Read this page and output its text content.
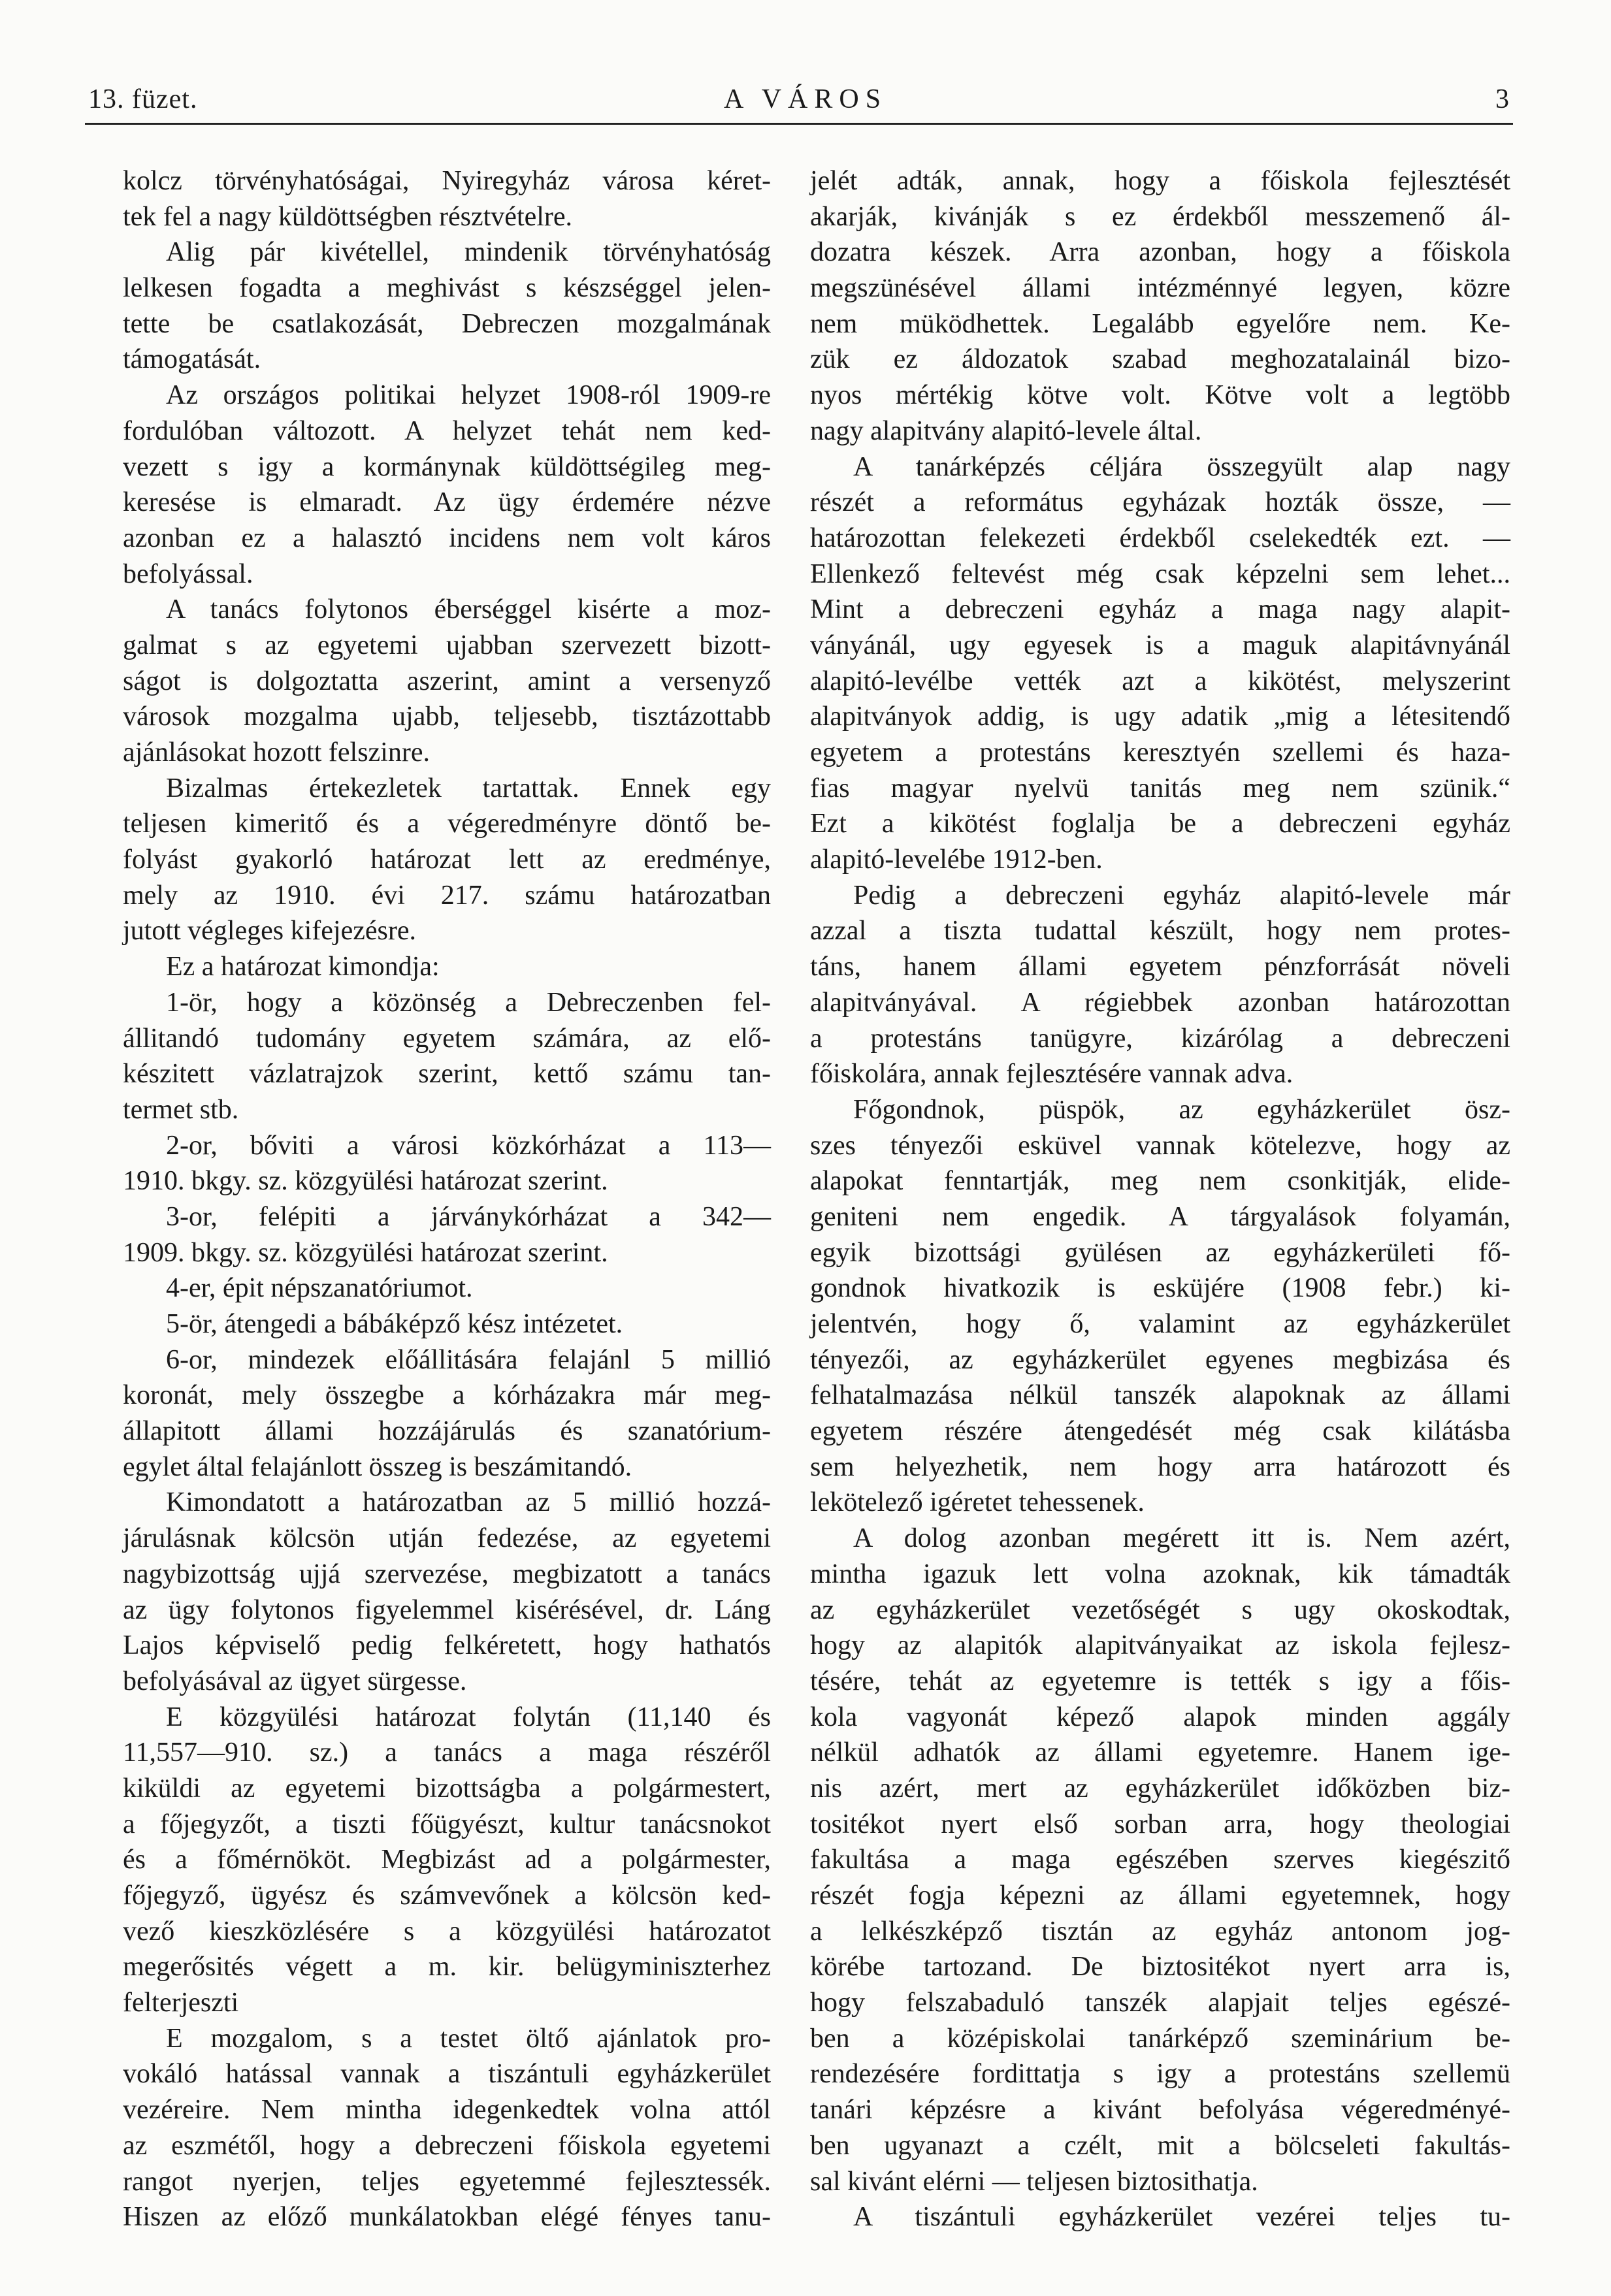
13. füzet.	A VÁROS	3
kolcz törvényhatóságai, Nyiregyház városa kéret-
tek fel a nagy küldöttségben résztvételre.
Alig pár kivétellel, mindenik törvényhatóság
lelkesen fogadta a meghivást s készséggel jelen-
tette be csatlakozását, Debreczen mozgalmának
támogatását.
Az országos politikai helyzet 1908-ról 1909-re
fordulóban változott. A helyzet tehát nem ked-
vezett s igy a kormánynak küldöttségileg meg-
keresése is elmaradt. Az ügy érdemére nézve
azonban ez a halasztó incidens nem volt káros
befolyással.
A tanács folytonos éberséggel kisérte a moz-
galmat s az egyetemi ujabban szervezett bizott-
ságot is dolgoztatta aszerint, amint a versenyző
városok mozgalma ujabb, teljesebb, tisztázottabb
ajánlásokat hozott felszinre.
Bizalmas értekezletek tartattak. Ennek egy
teljesen kimeritő és a végeredményre döntő be-
folyást gyakorló határozat lett az eredménye,
mely az 1910. évi 217. számu határozatban
jutott végleges kifejezésre.
Ez a határozat kimondja:
1-ör, hogy a közönség a Debreczenben fel-
állitandó tudomány egyetem számára, az elő-
készitett vázlatrajzok szerint, kettő számu tan-
termet stb.
2-or, bőviti a városi közkórházat a 113—
1910. bkgy. sz. közgyülési határozat szerint.
3-or, felépiti a járványkórházat a 342—
1909. bkgy. sz. közgyülési határozat szerint.
4-er, épit népszanatóriumot.
5-ör, átengedi a bábáképző kész intézetet.
6-or, mindezek előállitására felajánl 5 millió
koronát, mely összegbe a kórházakra már meg-
állapitott állami hozzájárulás és szanatórium-
egylet által felajánlott összeg is beszámitandó.
Kimondatott a határozatban az 5 millió hozzá-
járulásnak kölcsön utján fedezése, az egyetemi
nagybizottság ujjá szervezése, megbizatott a tanács
az ügy folytonos figyelemmel kisérésével, dr. Láng
Lajos képviselő pedig felkéretett, hogy hathatós
befolyásával az ügyet sürgesse.
E közgyülési határozat folytán (11,140 és
11,557—910. sz.) a tanács a maga részéről
kiküldi az egyetemi bizottságba a polgármestert,
a főjegyzőt, a tiszti főügyészt, kultur tanácsnokot
és a főmérnököt. Megbizást ad a polgármester,
főjegyző, ügyész és számvevőnek a kölcsön ked-
vező kieszközlésére s a közgyülési határozatot
megerősités végett a m. kir. belügyminiszterhez
felterjeszti
E mozgalom, s a testet öltő ajánlatok pro-
vokáló hatással vannak a tiszántuli egyházkerület
vezéreire. Nem mintha idegenkedtek volna attól
az eszmétől, hogy a debreczeni főiskola egyetemi
rangot nyerjen, teljes egyetemmé fejlesztessék.
Hiszen az előző munkálatokban elégé fényes tanu-
jelét adták, annak, hogy a főiskola fejlesztését
akarják, kivánják s ez érdekből messzemenő ál-
dozatra készek. Arra azonban, hogy a főiskola
megszünésével állami intézménnyé legyen, közre
nem müködhettek. Legalább egyelőre nem. Ke-
zük ez áldozatok szabad meghozatalainál bizo-
nyos mértékig kötve volt. Kötve volt a legtöbb
nagy alapitvány alapitó-levele által.
A tanárképzés céljára összegyült alap nagy
részét a református egyházak hozták össze, —
határozottan felekezeti érdekből cselekedték ezt. —
Ellenkező feltevést még csak képzelni sem lehet...
Mint a debreczeni egyház a maga nagy alapit-
ványánál, ugy egyesek is a maguk alapitávnyánál
alapitó-levélbe vették azt a kikötést, melyszerint
alapitványok addig, is ugy adatik „mig a létesitendő
egyetem a protestáns keresztyén szellemi és haza-
fias magyar nyelvü tanitás meg nem szünik.“
Ezt a kikötést foglalja be a debreczeni egyház
alapitó-levelébe 1912-ben.
Pedig a debreczeni egyház alapitó-levele már
azzal a tiszta tudattal készült, hogy nem protes-
táns, hanem állami egyetem pénzforrását növeli
alapitványával. A régiebbek azonban határozottan
a protestáns tanügyre, kizárólag a debreczeni
főiskolára, annak fejlesztésére vannak adva.
Főgondnok, püspök, az egyházkerület ösz-
szes tényezői esküvel vannak kötelezve, hogy az
alapokat fenntartják, meg nem csonkitják, elide-
geniteni nem engedik. A tárgyalások folyamán,
egyik bizottsági gyülésen az egyházkerületi fő-
gondnok hivatkozik is esküjére (1908 febr.) ki-
jelentvén, hogy ő, valamint az egyházkerület
tényezői, az egyházkerület egyenes megbizása és
felhatalmazása nélkül tanszék alapoknak az állami
egyetem részére átengedését még csak kilátásba
sem helyezhetik, nem hogy arra határozott és
lekötelező igéretet tehessenek.
A dolog azonban megérett itt is. Nem azért,
mintha igazuk lett volna azoknak, kik támadták
az egyházkerület vezetőségét s ugy okoskodtak,
hogy az alapitók alapitványaikat az iskola fejlesz-
tésére, tehát az egyetemre is tették s igy a főis-
kola vagyonát képező alapok minden aggály
nélkül adhatók az állami egyetemre. Hanem ige-
nis azért, mert az egyházkerület időközben biz-
tositékot nyert első sorban arra, hogy theologiai
fakultása a maga egészében szerves kiegészitő
részét fogja képezni az állami egyetemnek, hogy
a lelkészképző tisztán az egyház antonom jog-
körébe tartozand. De biztositékot nyert arra is,
hogy felszabaduló tanszék alapjait teljes egészé-
ben a középiskolai tanárképző szeminárium be-
rendezésére fordittatja s igy a protestáns szellemü
tanári képzésre a kivánt befolyása végeredményé-
ben ugyanazt a czélt, mit a bölcseleti fakultás-
sal kivánt elérni — teljesen biztosithatja.
A tiszántuli egyházkerület vezérei teljes tu-
